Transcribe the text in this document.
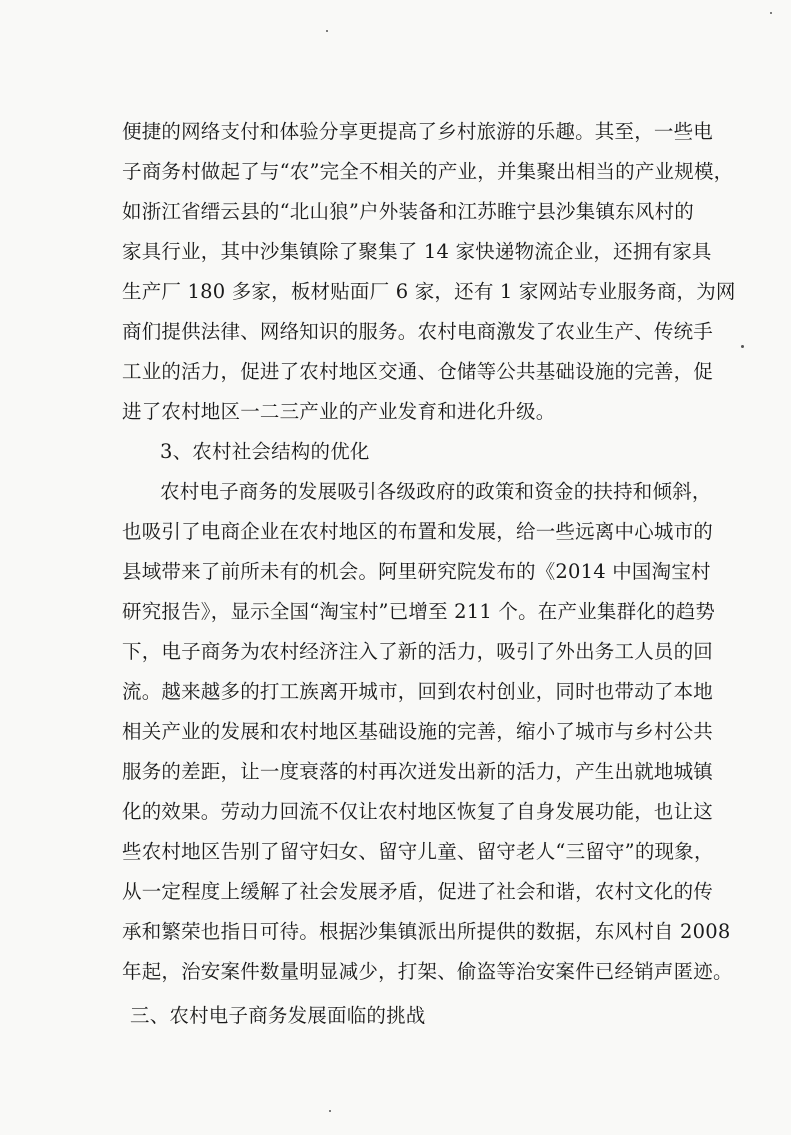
便捷的网络支付和体验分享更提高了乡村旅游的乐趣。其至，一些电
子商务村做起了与“农”完全不相关的产业，并集聚出相当的产业规模，
如浙江省缙云县的“北山狼”户外装备和江苏睢宁县沙集镇东风村的
家具行业，其中沙集镇除了聚集了 14 家快递物流企业，还拥有家具
生产厂 180 多家，板材贴面厂 6 家，还有 1 家网站专业服务商，为网
商们提供法律、网络知识的服务。农村电商激发了农业生产、传统手
工业的活力，促进了农村地区交通、仓储等公共基础设施的完善，促
进了农村地区一二三产业的产业发育和进化升级。
3、农村社会结构的优化
农村电子商务的发展吸引各级政府的政策和资金的扶持和倾斜，
也吸引了电商企业在农村地区的布置和发展，给一些远离中心城市的
县域带来了前所未有的机会。阿里研究院发布的《2014 中国淘宝村
研究报告》，显示全国“淘宝村”已增至 211 个。在产业集群化的趋势
下，电子商务为农村经济注入了新的活力，吸引了外出务工人员的回
流。越来越多的打工族离开城市，回到农村创业，同时也带动了本地
相关产业的发展和农村地区基础设施的完善，缩小了城市与乡村公共
服务的差距，让一度衰落的村再次迸发出新的活力，产生出就地城镇
化的效果。劳动力回流不仅让农村地区恢复了自身发展功能，也让这
些农村地区告别了留守妇女、留守儿童、留守老人“三留守”的现象，
从一定程度上缓解了社会发展矛盾，促进了社会和谐，农村文化的传
承和繁荣也指日可待。根据沙集镇派出所提供的数据，东风村自 2008
年起，治安案件数量明显减少，打架、偷盗等治安案件已经销声匿迹。
三、农村电子商务发展面临的挑战
